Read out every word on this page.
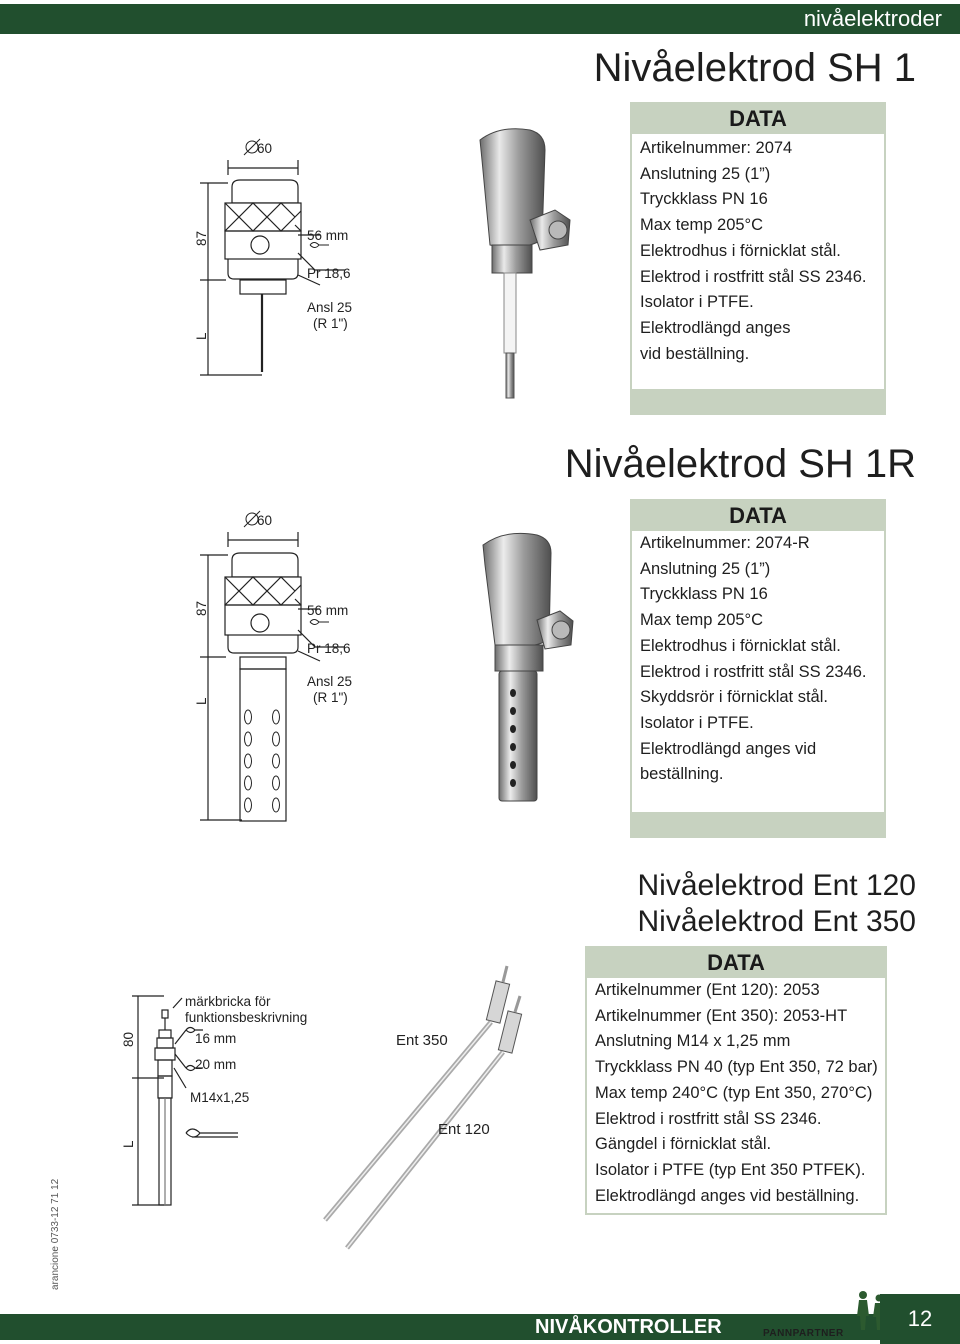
nivåelektroder
Nivåelektrod SH 1
60
87
L
56 mm
Pr 18,6
Ansl 25
(R 1")
DATA
Artikelnummer: 2074
Anslutning 25 (1”)
Tryckklass PN 16
Max temp 205°C
Elektrodhus i förnicklat stål.
Elektrod i rostfritt stål SS 2346.
Isolator i PTFE.
Elektrodlängd anges
vid beställning.
Nivåelektrod SH 1R
60
87
L
56 mm
Pr 18,6
Ansl 25
(R 1")
DATA
Artikelnummer: 2074-R
Anslutning 25 (1”)
Tryckklass PN 16
Max temp 205°C
Elektrodhus i förnicklat stål.
Elektrod i rostfritt stål SS 2346.
Skyddsrör i förnicklat stål.
Isolator i PTFE.
Elektrodlängd anges vid
beställning.
Nivåelektrod Ent 120
Nivåelektrod Ent 350
80
L
märkbricka för
funktionsbeskrivning
16 mm
20 mm
M14x1,25
Ent 350
Ent 120
DATA
Artikelnummer (Ent 120): 2053
Artikelnummer (Ent 350): 2053-HT
Anslutning M14 x 1,25 mm
Tryckklass PN 40 (typ Ent 350, 72 bar)
Max temp 240°C (typ Ent 350, 270°C)
Elektrod i rostfritt stål SS 2346.
Gängdel i förnicklat stål.
Isolator i PTFE (typ Ent 350 PTFEK).
Elektrodlängd anges vid beställning.
arancione 0733-12 71 12
NIVÅKONTROLLER	PANNPARTNER
12
